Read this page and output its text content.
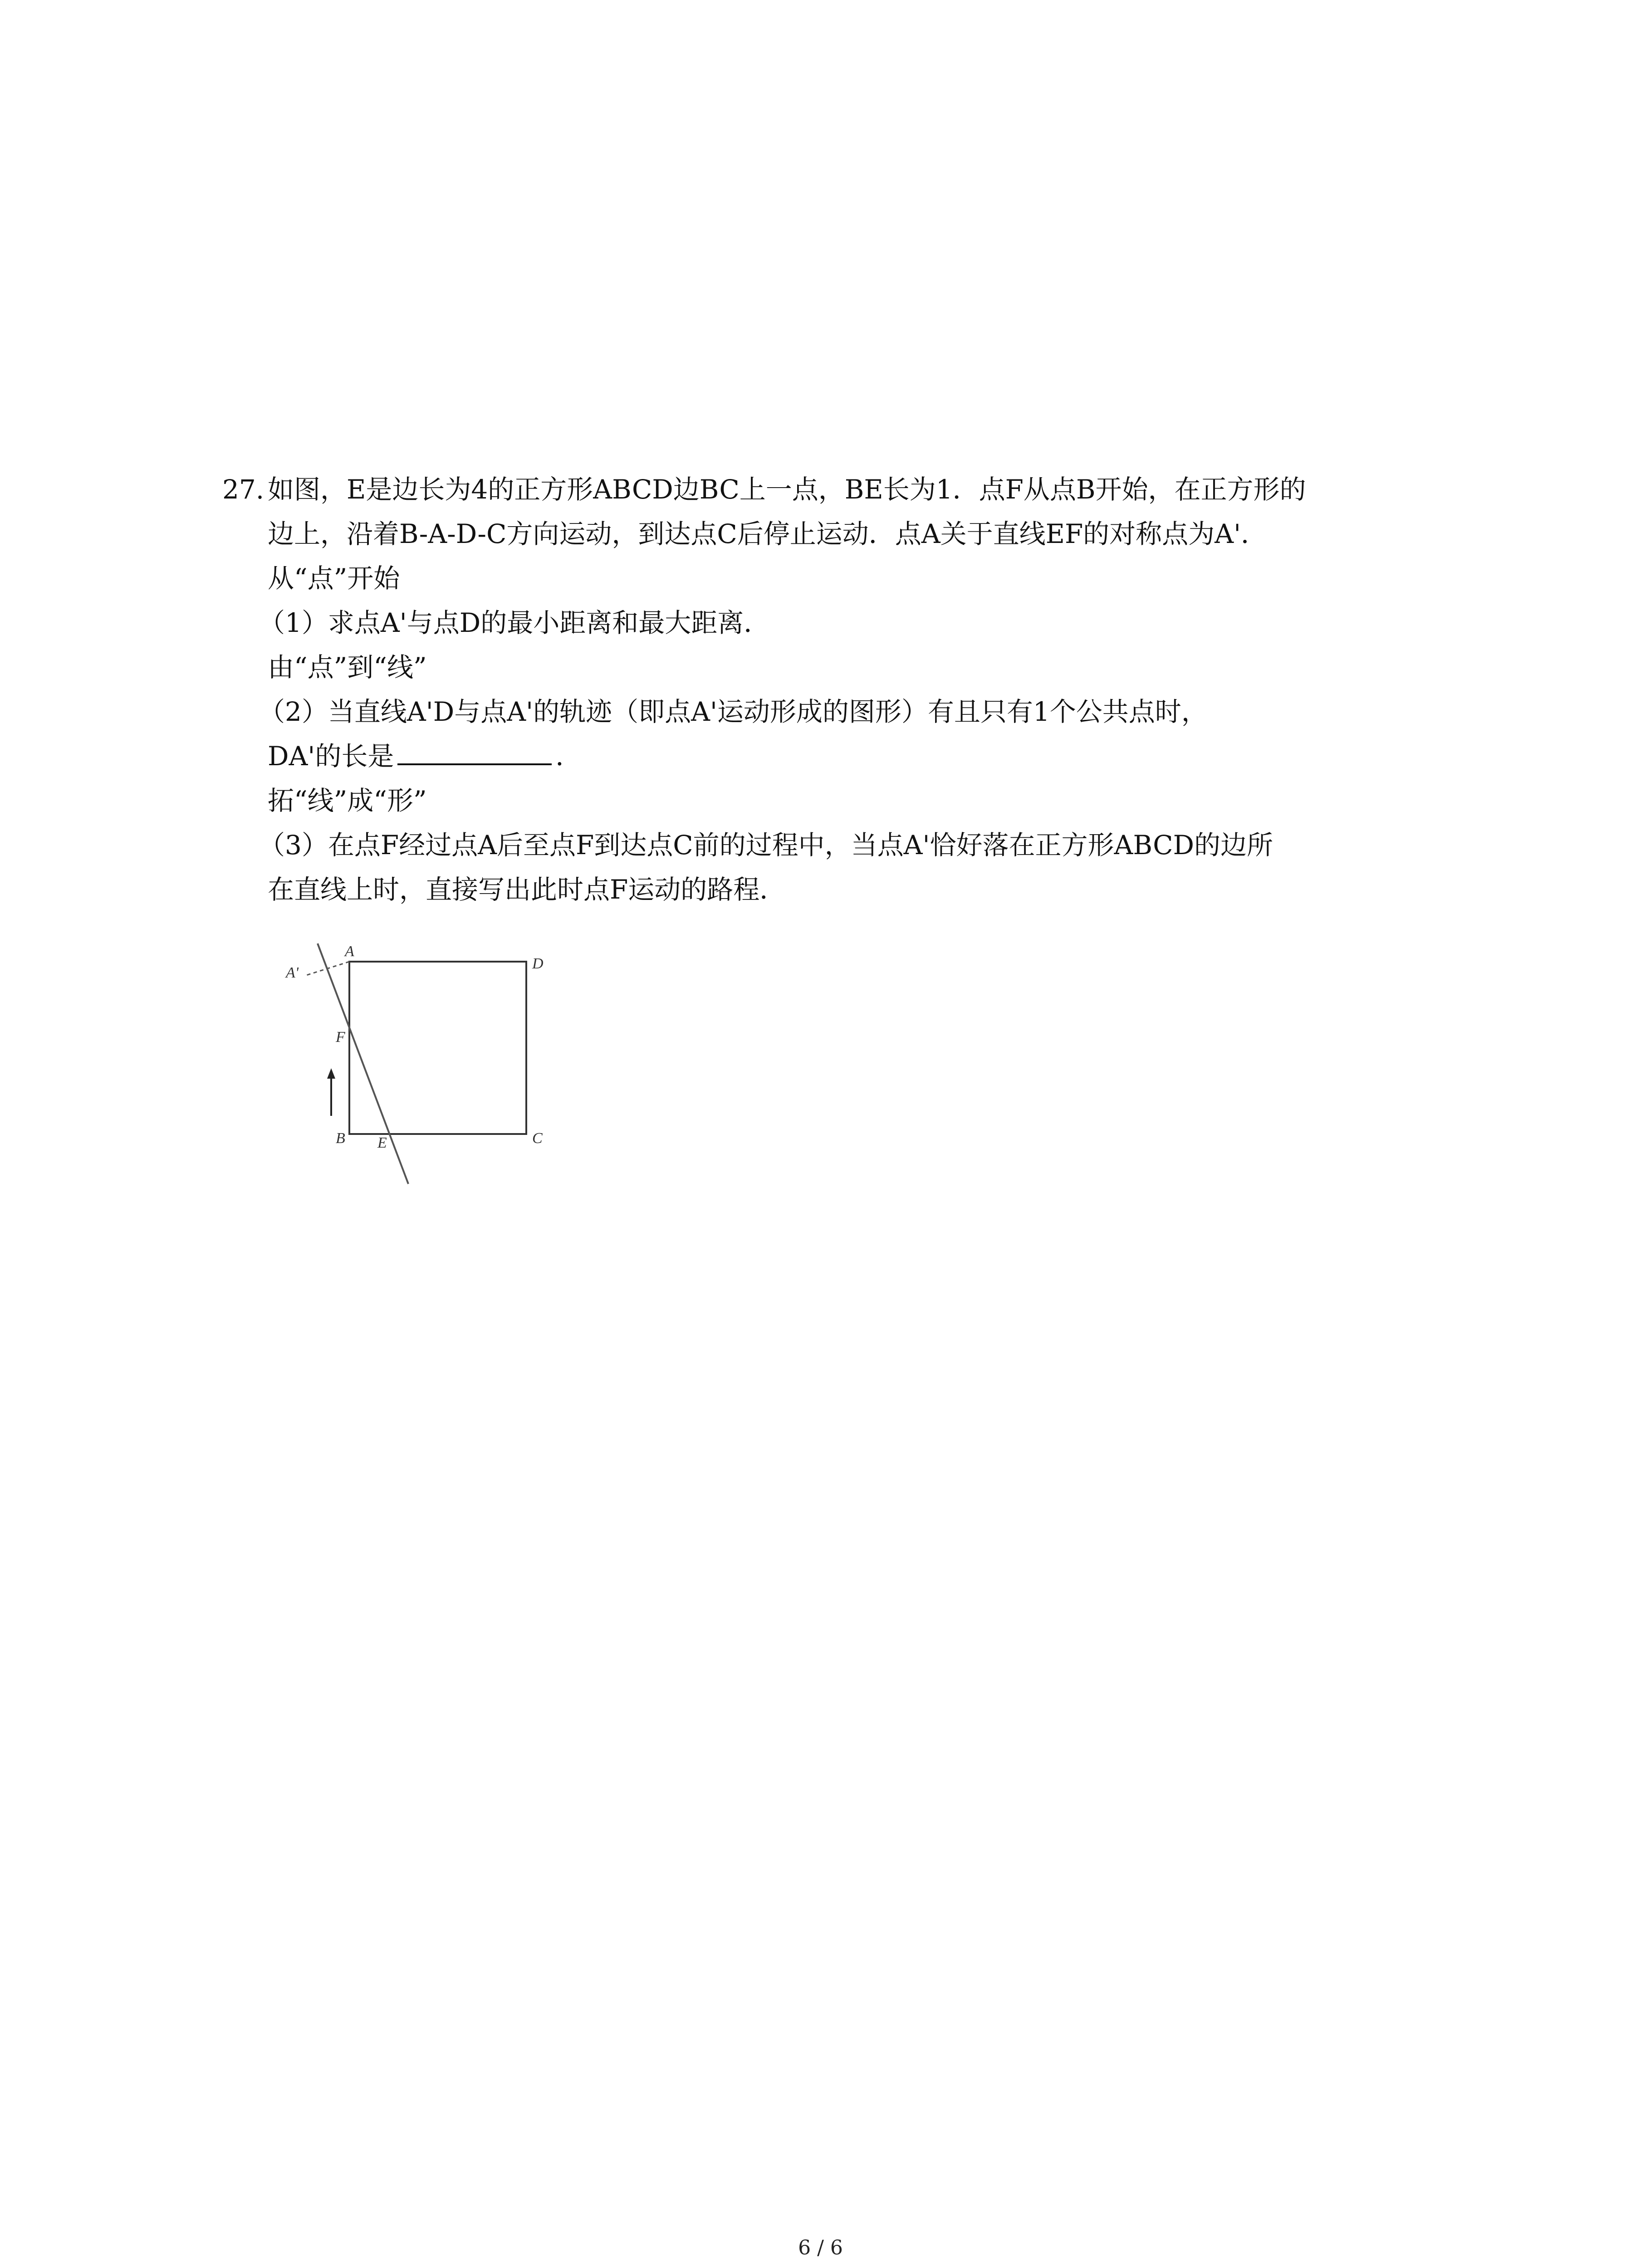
27. 如图，E是边长为4的正方形ABCD边BC上一点，BE长为1．点F从点B开始，在正方形的
边上，沿着B-A-D-C方向运动，到达点C后停止运动．点A关于直线EF的对称点为A'．
从“点”开始
（1）求点A'与点D的最小距离和最大距离．
由“点”到“线”
（2）当直线A'D与点A'的轨迹（即点A'运动形成的图形）有且只有1个公共点时，
DA'的长是	．
拓“线”成“形”
（3）在点F经过点A后至点F到达点C前的过程中，当点A'恰好落在正方形ABCD的边所
在直线上时，直接写出此时点F运动的路程．
A
A'
D
F
B E	C
6 / 6
